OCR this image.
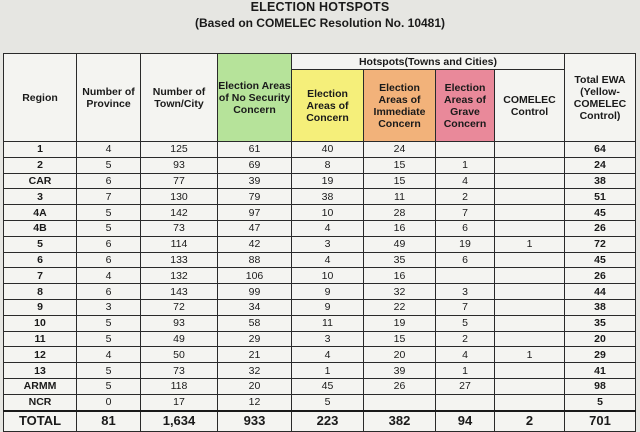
ELECTION HOTSPOTS
(Based on COMELEC Resolution No. 10481)
Region	Number of Province	Number of Town/City	Election Areas of No Security Concern	Hotspots(Towns and Cities)				Total EWA (Yellow-COMELEC Control)
				Election Areas of Concern	Election Areas of Immediate Concern	Election Areas of Grave Concern	COMELEC Control	
1	4	125	61	40	24			64
2	5	93	69	8	15	1		24
CAR	6	77	39	19	15	4		38
3	7	130	79	38	11	2		51
4A	5	142	97	10	28	7		45
4B	5	73	47	4	16	6		26
5	6	114	42	3	49	19	1	72
6	6	133	88	4	35	6		45
7	4	132	106	10	16			26
8	6	143	99	9	32	3		44
9	3	72	34	9	22	7		38
10	5	93	58	11	19	5		35
11	5	49	29	3	15	2		20
12	4	50	21	4	20	4	1	29
13	5	73	32	1	39	1		41
ARMM	5	118	20	45	26	27		98
NCR	0	17	12	5				5
TOTAL	81	1,634	933	223	382	94	2	701
